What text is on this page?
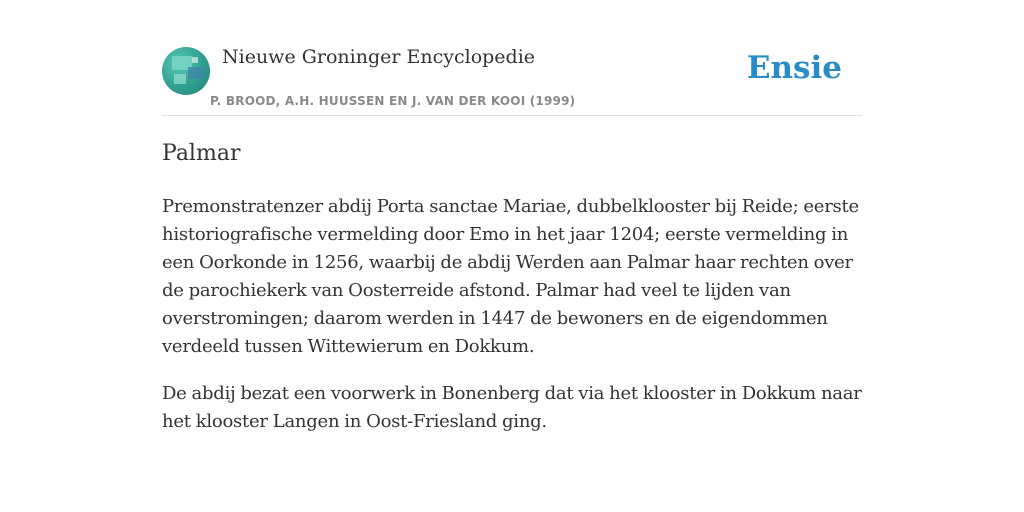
Nieuwe Groninger Encyclopedie
P. BROOD, A.H. HUUSSEN EN J. VAN DER KOOI (1999)
Ensie
Palmar

Premonstratenzer abdij Porta sanctae Mariae, dubbelklooster bij Reide; eerste historiografische vermelding door Emo in het jaar 1204; eerste vermelding in een Oorkonde in 1256, waarbij de abdij Werden aan Palmar haar rechten over de parochiekerk van Oosterreide afstond. Palmar had veel te lijden van overstromingen; daarom werden in 1447 de bewoners en de eigendommen verdeeld tussen Wittewierum en Dokkum.

De abdij bezat een voorwerk in Bonenberg dat via het klooster in Dokkum naar het klooster Langen in Oost-Friesland ging.
